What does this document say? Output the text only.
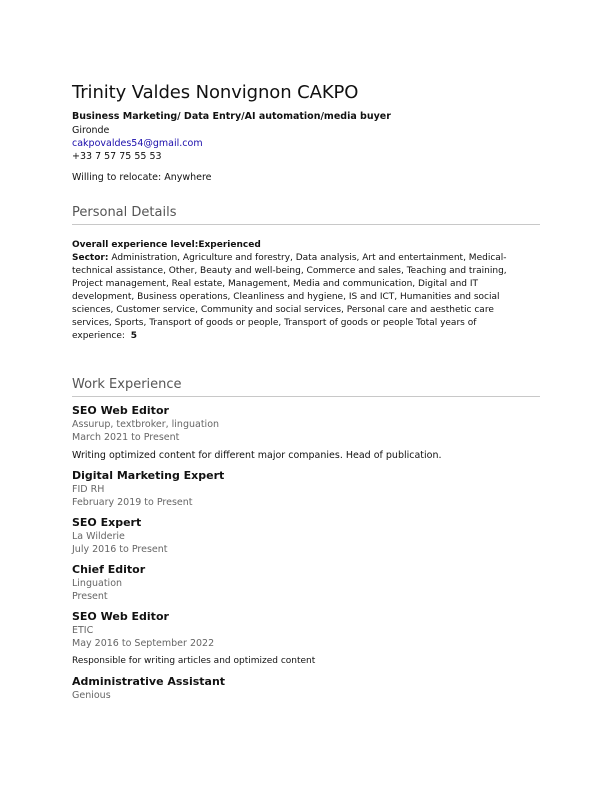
Trinity Valdes Nonvignon CAKPO
Business Marketing/ Data Entry/AI automation/media buyer
Gironde
cakpovaldes54@gmail.com
+33 7 57 75 55 53
Willing to relocate: Anywhere
Personal Details
Overall experience level:Experienced
Sector: Administration, Agriculture and forestry, Data analysis, Art and entertainment, Medical-technical assistance, Other, Beauty and well-being, Commerce and sales, Teaching and training, Project management, Real estate, Management, Media and communication, Digital and IT development, Business operations, Cleanliness and hygiene, IS and ICT, Humanities and social sciences, Customer service, Community and social services, Personal care and aesthetic care services, Sports, Transport of goods or people, Transport of goods or people Total years of experience: 5
Work Experience
SEO Web Editor
Assurup, textbroker, linguation
March 2021 to Present
Writing optimized content for different major companies. Head of publication.
Digital Marketing Expert
FID RH
February 2019 to Present
SEO Expert
La Wilderie
July 2016 to Present
Chief Editor
Linguation
Present
SEO Web Editor
ETIC
May 2016 to September 2022
Responsible for writing articles and optimized content
Administrative Assistant
Genious
